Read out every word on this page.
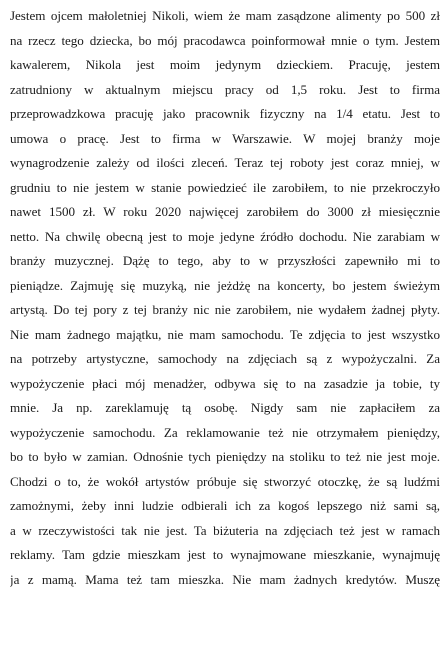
Jestem ojcem małoletniej Nikoli, wiem że mam zasądzone alimenty po 500 zł
na rzecz tego dziecka, bo mój pracodawca poinformował mnie o tym. Jestem
kawalerem, Nikola jest moim jedynym dzieckiem. Pracuję, jestem
zatrudniony w aktualnym miejscu pracy od 1,5 roku. Jest to firma
przeprowadzkowa pracuję jako pracownik fizyczny na 1/4 etatu. Jest to
umowa o pracę. Jest to firma w Warszawie. W mojej branży moje
wynagrodzenie zależy od ilości zleceń. Teraz tej roboty jest coraz mniej, w
grudniu to nie jestem w stanie powiedzieć ile zarobiłem, to nie przekroczyło
nawet 1500 zł. W roku 2020 najwięcej zarobiłem do 3000 zł miesięcznie
netto. Na chwilę obecną jest to moje jedyne źródło dochodu. Nie zarabiam w
branży muzycznej. Dążę to tego, aby to w przyszłości zapewniło mi to
pieniądze. Zajmuję się muzyką, nie jeżdżę na koncerty, bo jestem świeżym
artystą. Do tej pory z tej branży nic nie zarobiłem, nie wydałem żadnej płyty.
Nie mam żadnego majątku, nie mam samochodu. Te zdjęcia to jest wszystko
na potrzeby artystyczne, samochody na zdjęciach są z wypożyczalni. Za
wypożyczenie płaci mój menadżer, odbywa się to na zasadzie ja tobie, ty
mnie. Ja np. zareklamuję tą osobę. Nigdy sam nie zapłaciłem za
wypożyczenie samochodu. Za reklamowanie też nie otrzymałem pieniędzy,
bo to było w zamian. Odnośnie tych pieniędzy na stoliku to też nie jest moje.
Chodzi o to, że wokół artystów próbuje się stworzyć otoczkę, że są ludźmi
zamożnymi, żeby inni ludzie odbierali ich za kogoś lepszego niż sami są,
a w rzeczywistości tak nie jest. Ta biżuteria na zdjęciach też jest w ramach
reklamy. Tam gdzie mieszkam jest to wynajmowane mieszkanie, wynajmuję
ja z mamą. Mama też tam mieszka. Nie mam żadnych kredytów. Muszę
